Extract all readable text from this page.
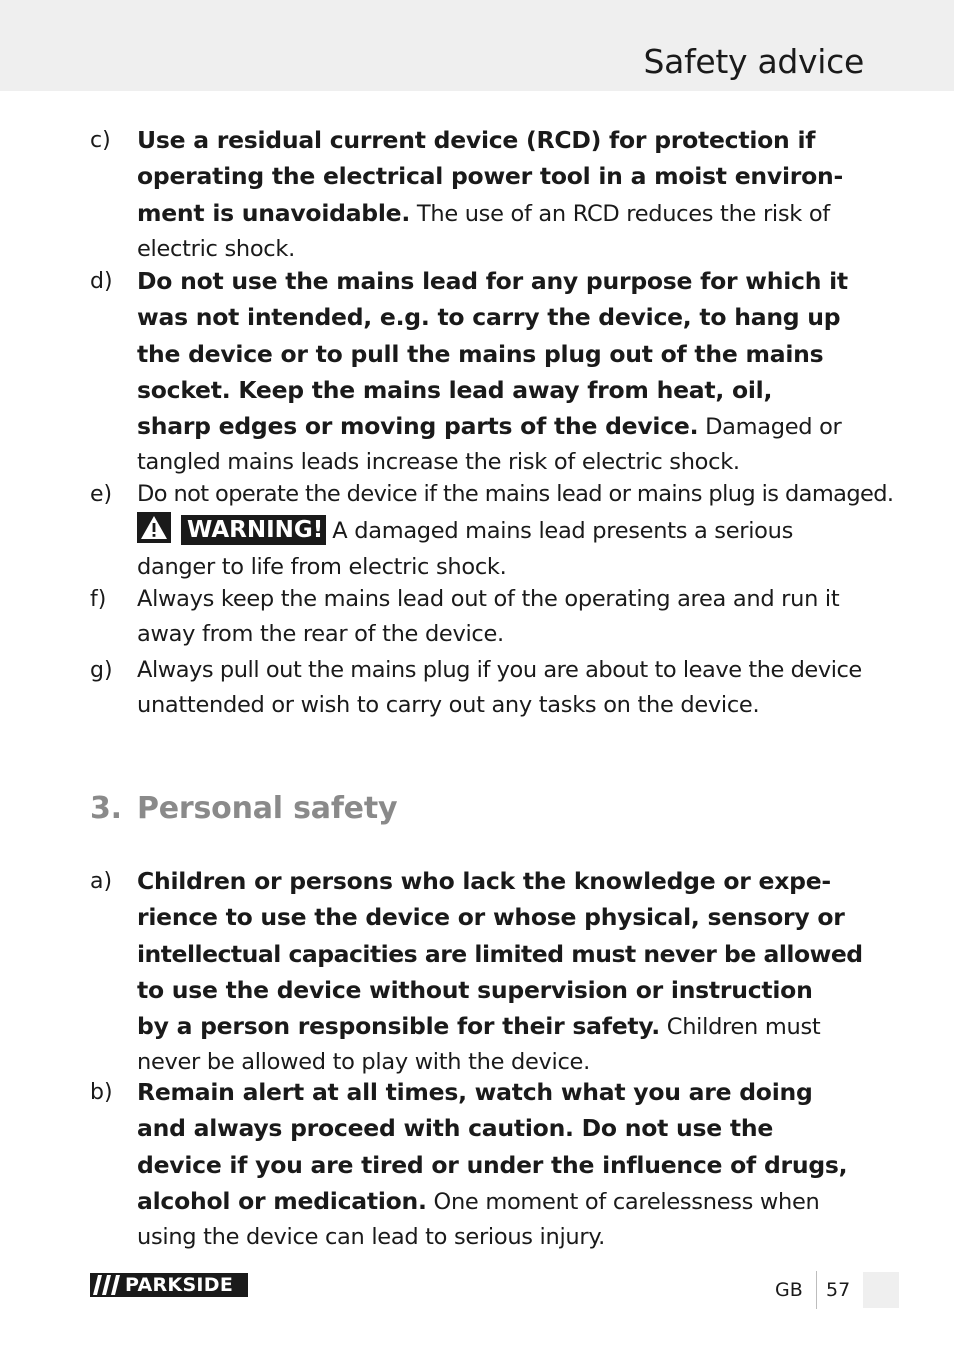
Safety advice
c) Use a residual current device (RCD) for protection if
operating the electrical power tool in a moist environ-
ment is unavoidable. The use of an RCD reduces the risk of
electric shock.
d) Do not use the mains lead for any purpose for which it
was not intended, e.g. to carry the device, to hang up
the device or to pull the mains plug out of the mains
socket. Keep the mains lead away from heat, oil,
sharp edges or moving parts of the device. Damaged or
tangled mains leads increase the risk of electric shock.
e) Do not operate the device if the mains lead or mains plug is damaged.
WARNING! A damaged mains lead presents a serious
danger to life from electric shock.
f) Always keep the mains lead out of the operating area and run it
away from the rear of the device.
g) Always pull out the mains plug if you are about to leave the device
unattended or wish to carry out any tasks on the device.
3. Personal safety
a) Children or persons who lack the knowledge or expe-
rience to use the device or whose physical, sensory or
intellectual capacities are limited must never be allowed
to use the device without supervision or instruction
by a person responsible for their safety. Children must
never be allowed to play with the device.
b) Remain alert at all times, watch what you are doing
and always proceed with caution. Do not use the
device if you are tired or under the influence of drugs,
alcohol or medication. One moment of carelessness when
using the device can lead to serious injury.
PARKSIDE	GB 57
